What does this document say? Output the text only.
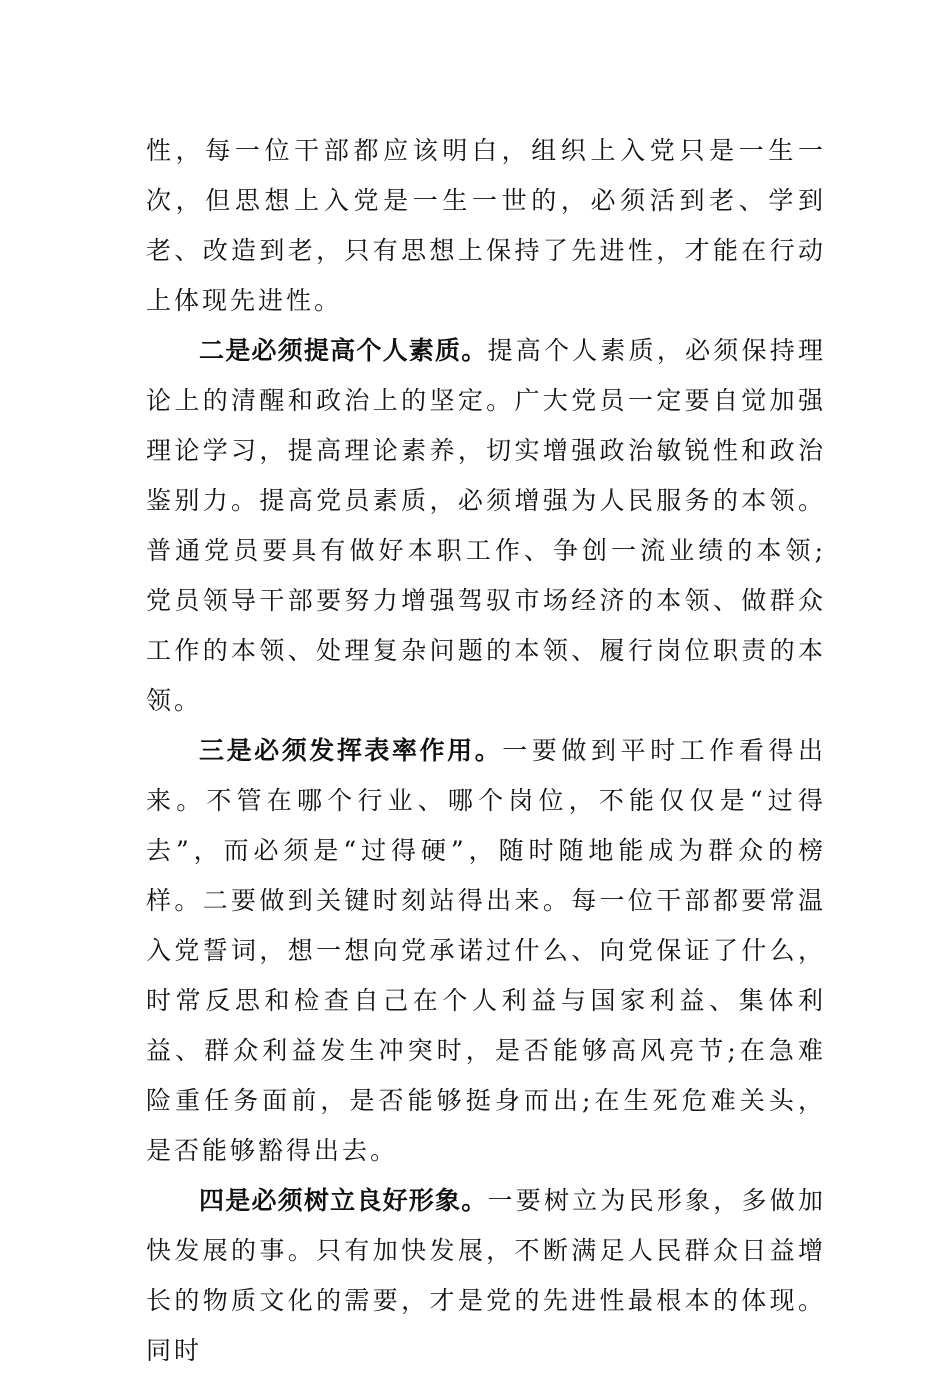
性，每一位干部都应该明白，组织上入党只是一生一次，但思想上入党是一生一世的，必须活到老、学到老、改造到老，只有思想上保持了先进性，才能在行动上体现先进性。

二是必须提高个人素质。提高个人素质，必须保持理论上的清醒和政治上的坚定。广大党员一定要自觉加强理论学习，提高理论素养，切实增强政治敏锐性和政治鉴别力。提高党员素质，必须增强为人民服务的本领。普通党员要具有做好本职工作、争创一流业绩的本领;党员领导干部要努力增强驾驭市场经济的本领、做群众工作的本领、处理复杂问题的本领、履行岗位职责的本领。

三是必须发挥表率作用。一要做到平时工作看得出来。不管在哪个行业、哪个岗位，不能仅仅是“过得去”，而必须是“过得硬”，随时随地能成为群众的榜样。二要做到关键时刻站得出来。每一位干部都要常温入党誓词，想一想向党承诺过什么、向党保证了什么，时常反思和检查自己在个人利益与国家利益、集体利益、群众利益发生冲突时，是否能够高风亮节;在急难险重任务面前，是否能够挺身而出;在生死危难关头，是否能够豁得出去。

四是必须树立良好形象。一要树立为民形象，多做加快发展的事。只有加快发展，不断满足人民群众日益增长的物质文化的需要，才是党的先进性最根本的体现。同时
